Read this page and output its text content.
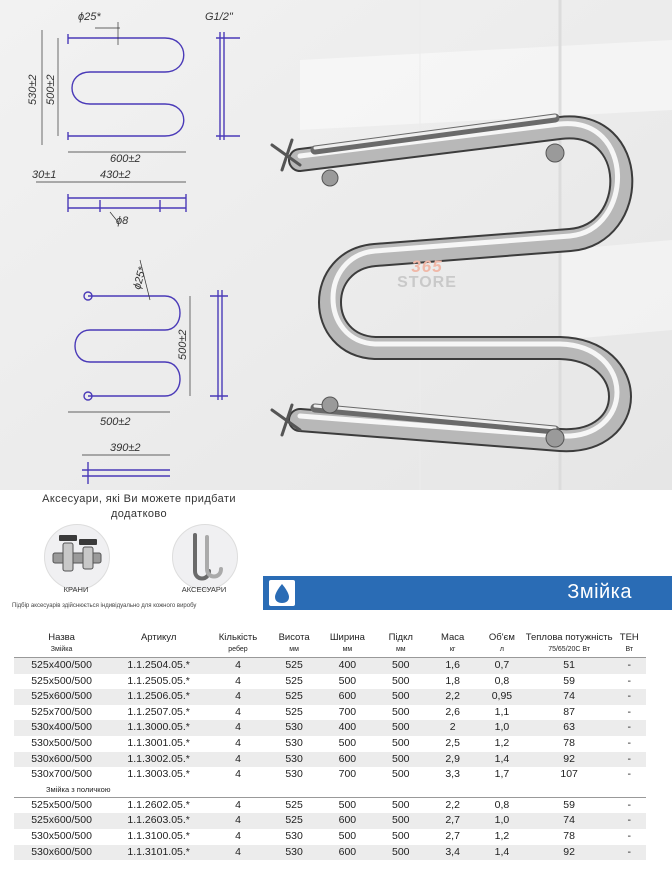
365
STORE
ϕ25*	G1/2"
530±2 500±2
600±2
30±1	430±2
ϕ8
ϕ25*
500±2
500±2
390±2
Аксесуари, які Ви можете придбати додатково
КРАНИ	АКСЕСУАРИ
Підбір аксесуарів здійснюється індивідуально для кожного виробу
Змійка
Назва	Артикул	Кількість	Висота	Ширина	Підкл	Маса	Об'єм	Теплова потужність	ТЕН
Змійка		ребер	мм	мм	мм	кг	л	75/65/20C Вт	Вт
525x400/500	1.1.2504.05.*	4	525	400	500	1,6	0,7	51	-
525x500/500	1.1.2505.05.*	4	525	500	500	1,8	0,8	59	-
525x600/500	1.1.2506.05.*	4	525	600	500	2,2	0,95	74	-
525x700/500	1.1.2507.05.*	4	525	700	500	2,6	1,1	87	-
530x400/500	1.1.3000.05.*	4	530	400	500	2	1,0	63	-
530x500/500	1.1.3001.05.*	4	530	500	500	2,5	1,2	78	-
530x600/500	1.1.3002.05.*	4	530	600	500	2,9	1,4	92	-
530x700/500	1.1.3003.05.*	4	530	700	500	3,3	1,7	107	-
Змійка з поличкою									
525x500/500	1.1.2602.05.*	4	525	500	500	2,2	0,8	59	-
525x600/500	1.1.2603.05.*	4	525	600	500	2,7	1,0	74	-
530x500/500	1.1.3100.05.*	4	530	500	500	2,7	1,2	78	-
530x600/500	1.1.3101.05.*	4	530	600	500	3,4	1,4	92	-
